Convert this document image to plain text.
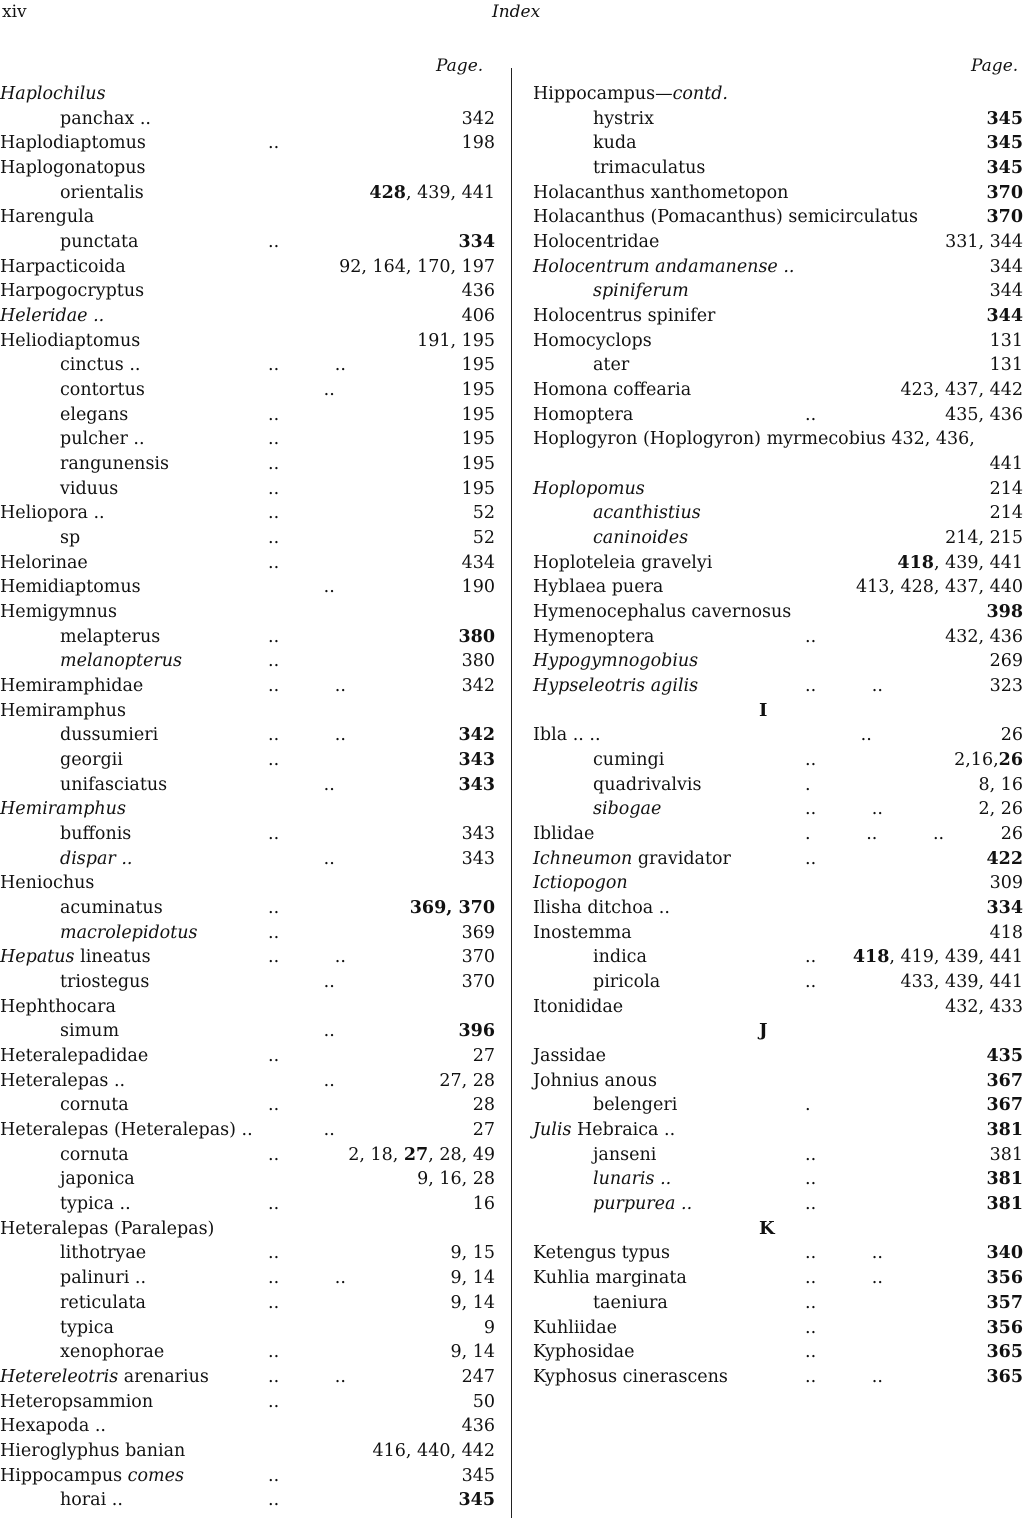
xiv	Index
Page.
Haplochilus
panchax ..	342
Haplodiaptomus	..	198
Haplogonatopus
orientalis	428, 439, 441
Harengula
punctata	..	334
Harpacticoida	92, 164, 170, 197
Harpogocryptus	436
Heleridae ..	406
Heliodiaptomus	191, 195
cinctus ..	..          ..	195
contortus	..	195
elegans	..	195
pulcher ..	..	195
rangunensis	..	195
viduus	..	195
Heliopora ..	..	52
sp	..	52
Helorinae	..	434
Hemidiaptomus	..	190
Hemigymnus
melapterus	..	380
melanopterus	..	380
Hemiramphidae	..          ..	342
Hemiramphus
dussumieri	..          ..	342
georgii	..	343
unifasciatus	..	343
Hemiramphus
buffonis	..	343
dispar ..	..	343
Heniochus
acuminatus	..	369, 370
macrolepidotus	..	369
Hepatus lineatus	..          ..	370
triostegus	..	370
Hephthocara
simum	..	396
Heteralepadidae	..	27
Heteralepas ..	..	27, 28
cornuta	..	28
Heteralepas (Heteralepas) .. ..	27
cornuta	..	2, 18, 27, 28, 49
japonica	9, 16, 28
typica ..	..	16
Heteralepas (Paralepas)
lithotryae	..	9, 15
palinuri ..	..          ..	9, 14
reticulata	..	9, 14
typica	9
xenophorae	..	9, 14
Hetereleotris arenarius	..          ..	247
Heteropsammion	..	50
Hexapoda ..	436
Hieroglyphus banian	416, 440, 442
Hippocampus comes	..	345
horai ..	..	345
Page.
Hippocampus—contd.
hystrix	345
kuda	345
trimaculatus	345
Holacanthus xanthometopon	370
Holacanthus (Pomacanthus) semicirculatus	370
Holocentridae	331, 344
Holocentrum andamanense ..	344
spiniferum	344
Holocentrus spinifer	344
Homocyclops	131
ater	131
Homona coffearia	423, 437, 442
Homoptera	..	435, 436
Hoplogyron (Hoplogyron) myrmecobius 432, 436,
441
Hoplopomus	214
acanthistius	214
caninoides	214, 215
Hoploteleia gravelyi	418, 439, 441
Hyblaea puera	413, 428, 437, 440
Hymenocephalus cavernosus	398
Hymenoptera	..	432, 436
Hypogymnogobius	269
Hypseleotris agilis	..          ..	323
I
Ibla .. ..	..	26
cumingi	..	2,16,26
quadrivalvis	.	8, 16
sibogae	..          ..	2, 26
Iblidae	.          ..          ..	26
Ichneumon gravidator	..	422
Ictiopogon	309
Ilisha ditchoa ..	334
Inostemma	418
indica	.. 418, 419, 439, 441
piricola	..	433, 439, 441
Itonididae	432, 433
J
Jassidae	435
Johnius anous	367
belengeri	.	367
Julis Hebraica ..	381
janseni	..	381
lunaris ..	..	381
purpurea ..	..	381
K
Ketengus typus	..          ..	340
Kuhlia marginata	..          ..	356
taeniura	..	357
Kuhliidae	..	356
Kyphosidae	..	365
Kyphosus cinerascens	..          ..	365
